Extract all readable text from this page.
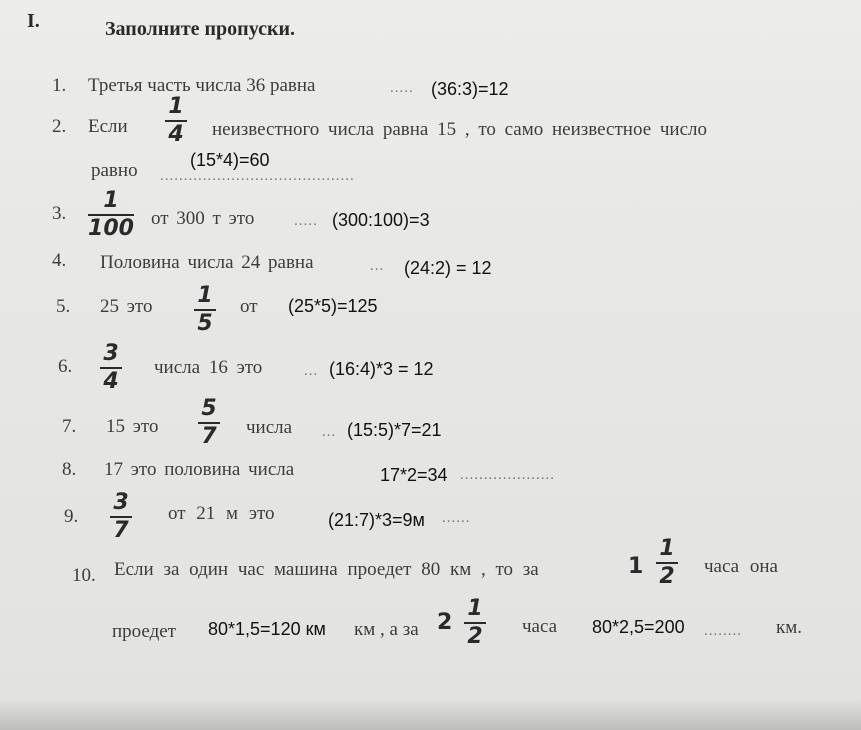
I.	Заполните пропуски.
1. Третья часть числа 36 равна	..... (36:3)=12
2. Если
1
4 неизвестного числа равна 15 , то само неизвестное число
равно .........................................
(15*4)=60
3.
1
100 от 300 т это	..... (300:100)=3
4. Половина числа 24 равна	... (24:2) = 12
5. 25 это 1
5
от (25*5)=125
6.
3
4
числа 16 это	... (16:4)*3 = 12
7. 15 это
5
7 числа ... (15:5)*7=21
8. 17 это половина числа	17*2=34 ....................
9.
3
7
от 21 м это	(21:7)*3=9м ......
10. Если за один час машина проедет 80 км , то за	1
1
2 часа она
проедет 80*1,5=120 км км , а за 2
1
2 часа 80*2,5=200 ........ км.
